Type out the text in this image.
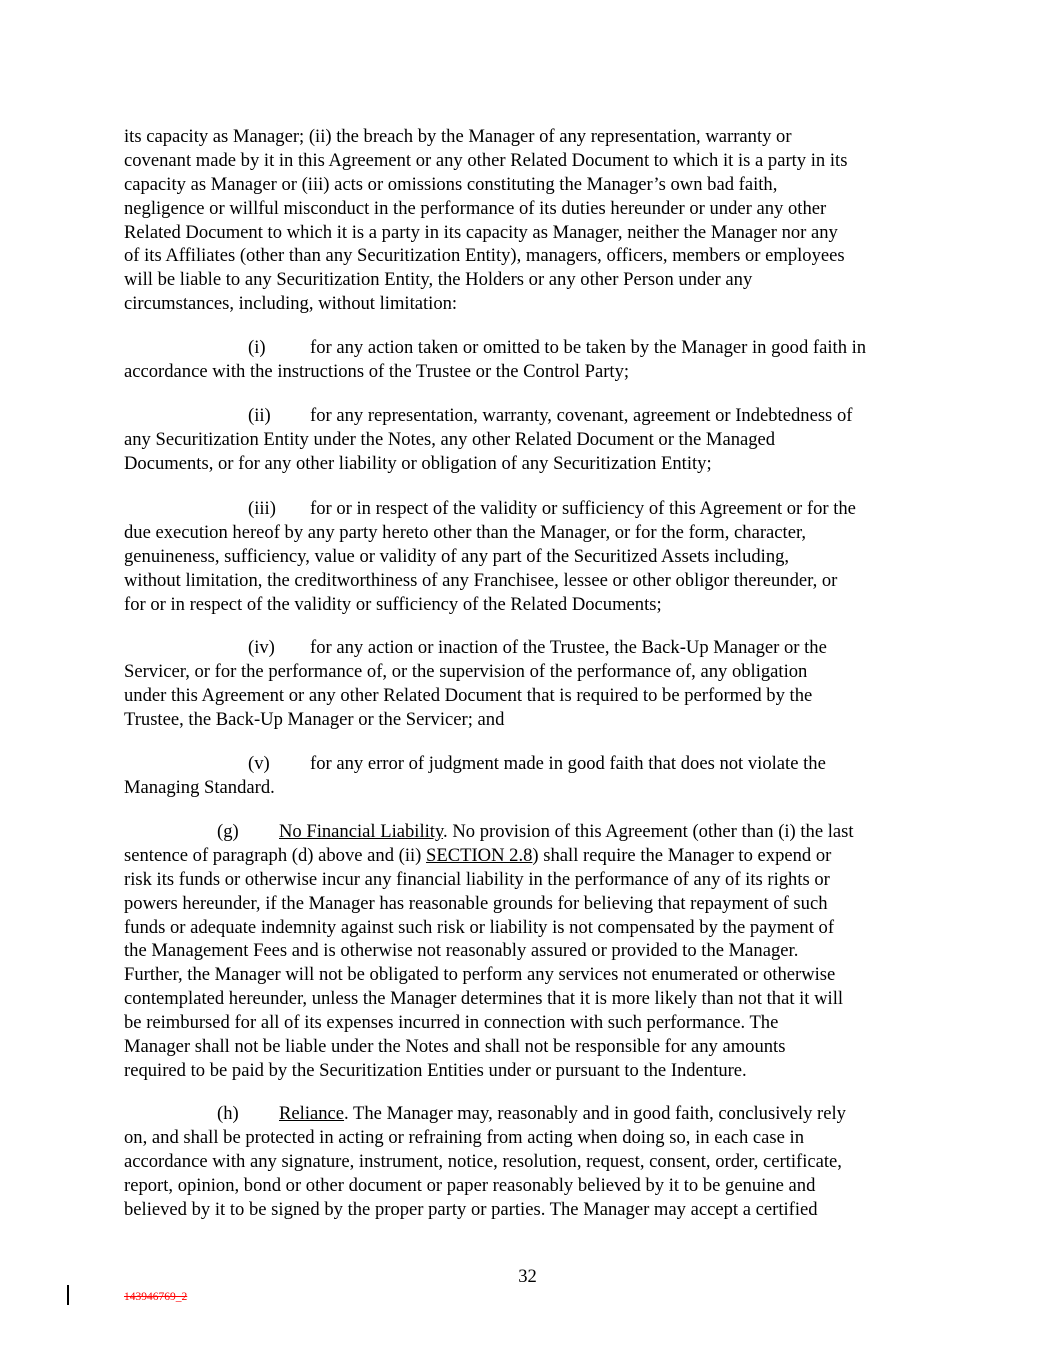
its capacity as Manager; (ii) the breach by the Manager of any representation, warranty or
covenant made by it in this Agreement or any other Related Document to which it is a party in its
capacity as Manager or (iii) acts or omissions constituting the Manager’s own bad faith,
negligence or willful misconduct in the performance of its duties hereunder or under any other
Related Document to which it is a party in its capacity as Manager, neither the Manager nor any
of its Affiliates (other than any Securitization Entity), managers, officers, members or employees
will be liable to any Securitization Entity, the Holders or any other Person under any
circumstances, including, without limitation:
(i) for any action taken or omitted to be taken by the Manager in good faith in
accordance with the instructions of the Trustee or the Control Party;
(ii) for any representation, warranty, covenant, agreement or Indebtedness of
any Securitization Entity under the Notes, any other Related Document or the Managed
Documents, or for any other liability or obligation of any Securitization Entity;
(iii) for or in respect of the validity or sufficiency of this Agreement or for the
due execution hereof by any party hereto other than the Manager, or for the form, character,
genuineness, sufficiency, value or validity of any part of the Securitized Assets including,
without limitation, the creditworthiness of any Franchisee, lessee or other obligor thereunder, or
for or in respect of the validity or sufficiency of the Related Documents;
(iv) for any action or inaction of the Trustee, the Back-Up Manager or the
Servicer, or for the performance of, or the supervision of the performance of, any obligation
under this Agreement or any other Related Document that is required to be performed by the
Trustee, the Back-Up Manager or the Servicer; and
(v) for any error of judgment made in good faith that does not violate the
Managing Standard.
(g) No Financial Liability. No provision of this Agreement (other than (i) the last
sentence of paragraph (d) above and (ii) SECTION 2.8) shall require the Manager to expend or
risk its funds or otherwise incur any financial liability in the performance of any of its rights or
powers hereunder, if the Manager has reasonable grounds for believing that repayment of such
funds or adequate indemnity against such risk or liability is not compensated by the payment of
the Management Fees and is otherwise not reasonably assured or provided to the Manager.
Further, the Manager will not be obligated to perform any services not enumerated or otherwise
contemplated hereunder, unless the Manager determines that it is more likely than not that it will
be reimbursed for all of its expenses incurred in connection with such performance. The
Manager shall not be liable under the Notes and shall not be responsible for any amounts
required to be paid by the Securitization Entities under or pursuant to the Indenture.
(h) Reliance. The Manager may, reasonably and in good faith, conclusively rely
on, and shall be protected in acting or refraining from acting when doing so, in each case in
accordance with any signature, instrument, notice, resolution, request, consent, order, certificate,
report, opinion, bond or other document or paper reasonably believed by it to be genuine and
believed by it to be signed by the proper party or parties. The Manager may accept a certified
32
143946769_2
